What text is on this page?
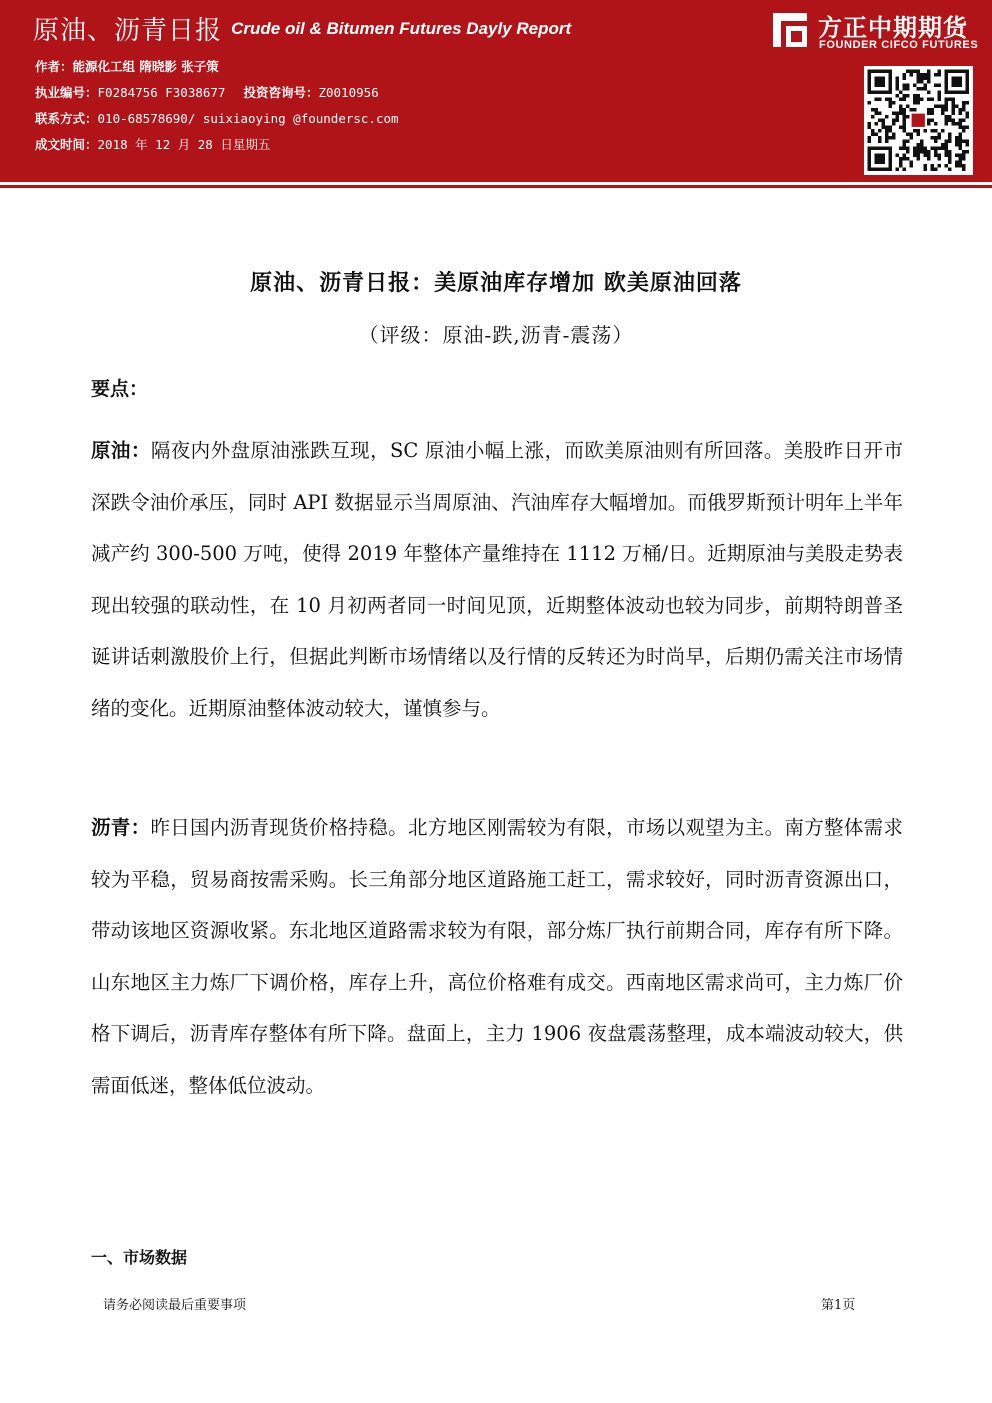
原油、沥青日报 Crude oil & Bitumen Futures Dayly Report	方正中期期货
FOUNDER CIFCO FUTURES
作者：能源化工组 隋晓影 张子策
执业编号：F0284756 F3038677 投资咨询号：Z0010956
联系方式：010-68578690/ suixiaoying @foundersc.com
成文时间：2018 年 12 月 28 日星期五
原油、沥青日报：美原油库存增加 欧美原油回落
（评级：原油-跌,沥青-震荡）
要点：
原油：隔夜内外盘原油涨跌互现，SC 原油小幅上涨，而欧美原油则有所回落。美股昨日开市深跌令油价承压，同时 API 数据显示当周原油、汽油库存大幅增加。而俄罗斯预计明年上半年减产约 300-500 万吨，使得 2019 年整体产量维持在 1112 万桶/日。近期原油与美股走势表现出较强的联动性，在 10 月初两者同一时间见顶，近期整体波动也较为同步，前期特朗普圣诞讲话刺激股价上行，但据此判断市场情绪以及行情的反转还为时尚早，后期仍需关注市场情绪的变化。近期原油整体波动较大，谨慎参与。
沥青：昨日国内沥青现货价格持稳。北方地区刚需较为有限，市场以观望为主。南方整体需求较为平稳，贸易商按需采购。长三角部分地区道路施工赶工，需求较好，同时沥青资源出口，带动该地区资源收紧。东北地区道路需求较为有限，部分炼厂执行前期合同，库存有所下降。山东地区主力炼厂下调价格，库存上升，高位价格难有成交。西南地区需求尚可，主力炼厂价格下调后，沥青库存整体有所下降。盘面上，主力 1906 夜盘震荡整理，成本端波动较大，供需面低迷，整体低位波动。
一、市场数据
请务必阅读最后重要事项	第1页
